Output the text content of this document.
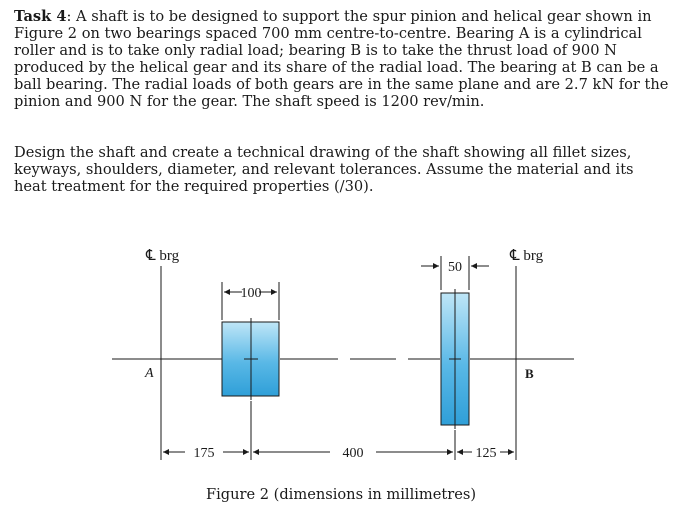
Task 4: A shaft is to be designed to support the spur pinion and helical gear shown in Figure 2 on two bearings spaced 700 mm centre-to-centre. Bearing A is a cylindrical roller and is to take only radial load; bearing B is to take the thrust load of 900 N produced by the helical gear and its share of the radial load. The bearing at B can be a ball bearing. The radial loads of both gears are in the same plane and are 2.7 kN for the pinion and 900 N for the gear. The shaft speed is 1200 rev/min.

Design the shaft and create a technical drawing of the shaft showing all fillet sizes, keyways, shoulders, diameter, and relevant tolerances. Assume the material and its heat treatment for the required properties (/30).

100
50
℄ brg	℄ brg
A	B
175	400	125
Figure 2 (dimensions in millimetres)
